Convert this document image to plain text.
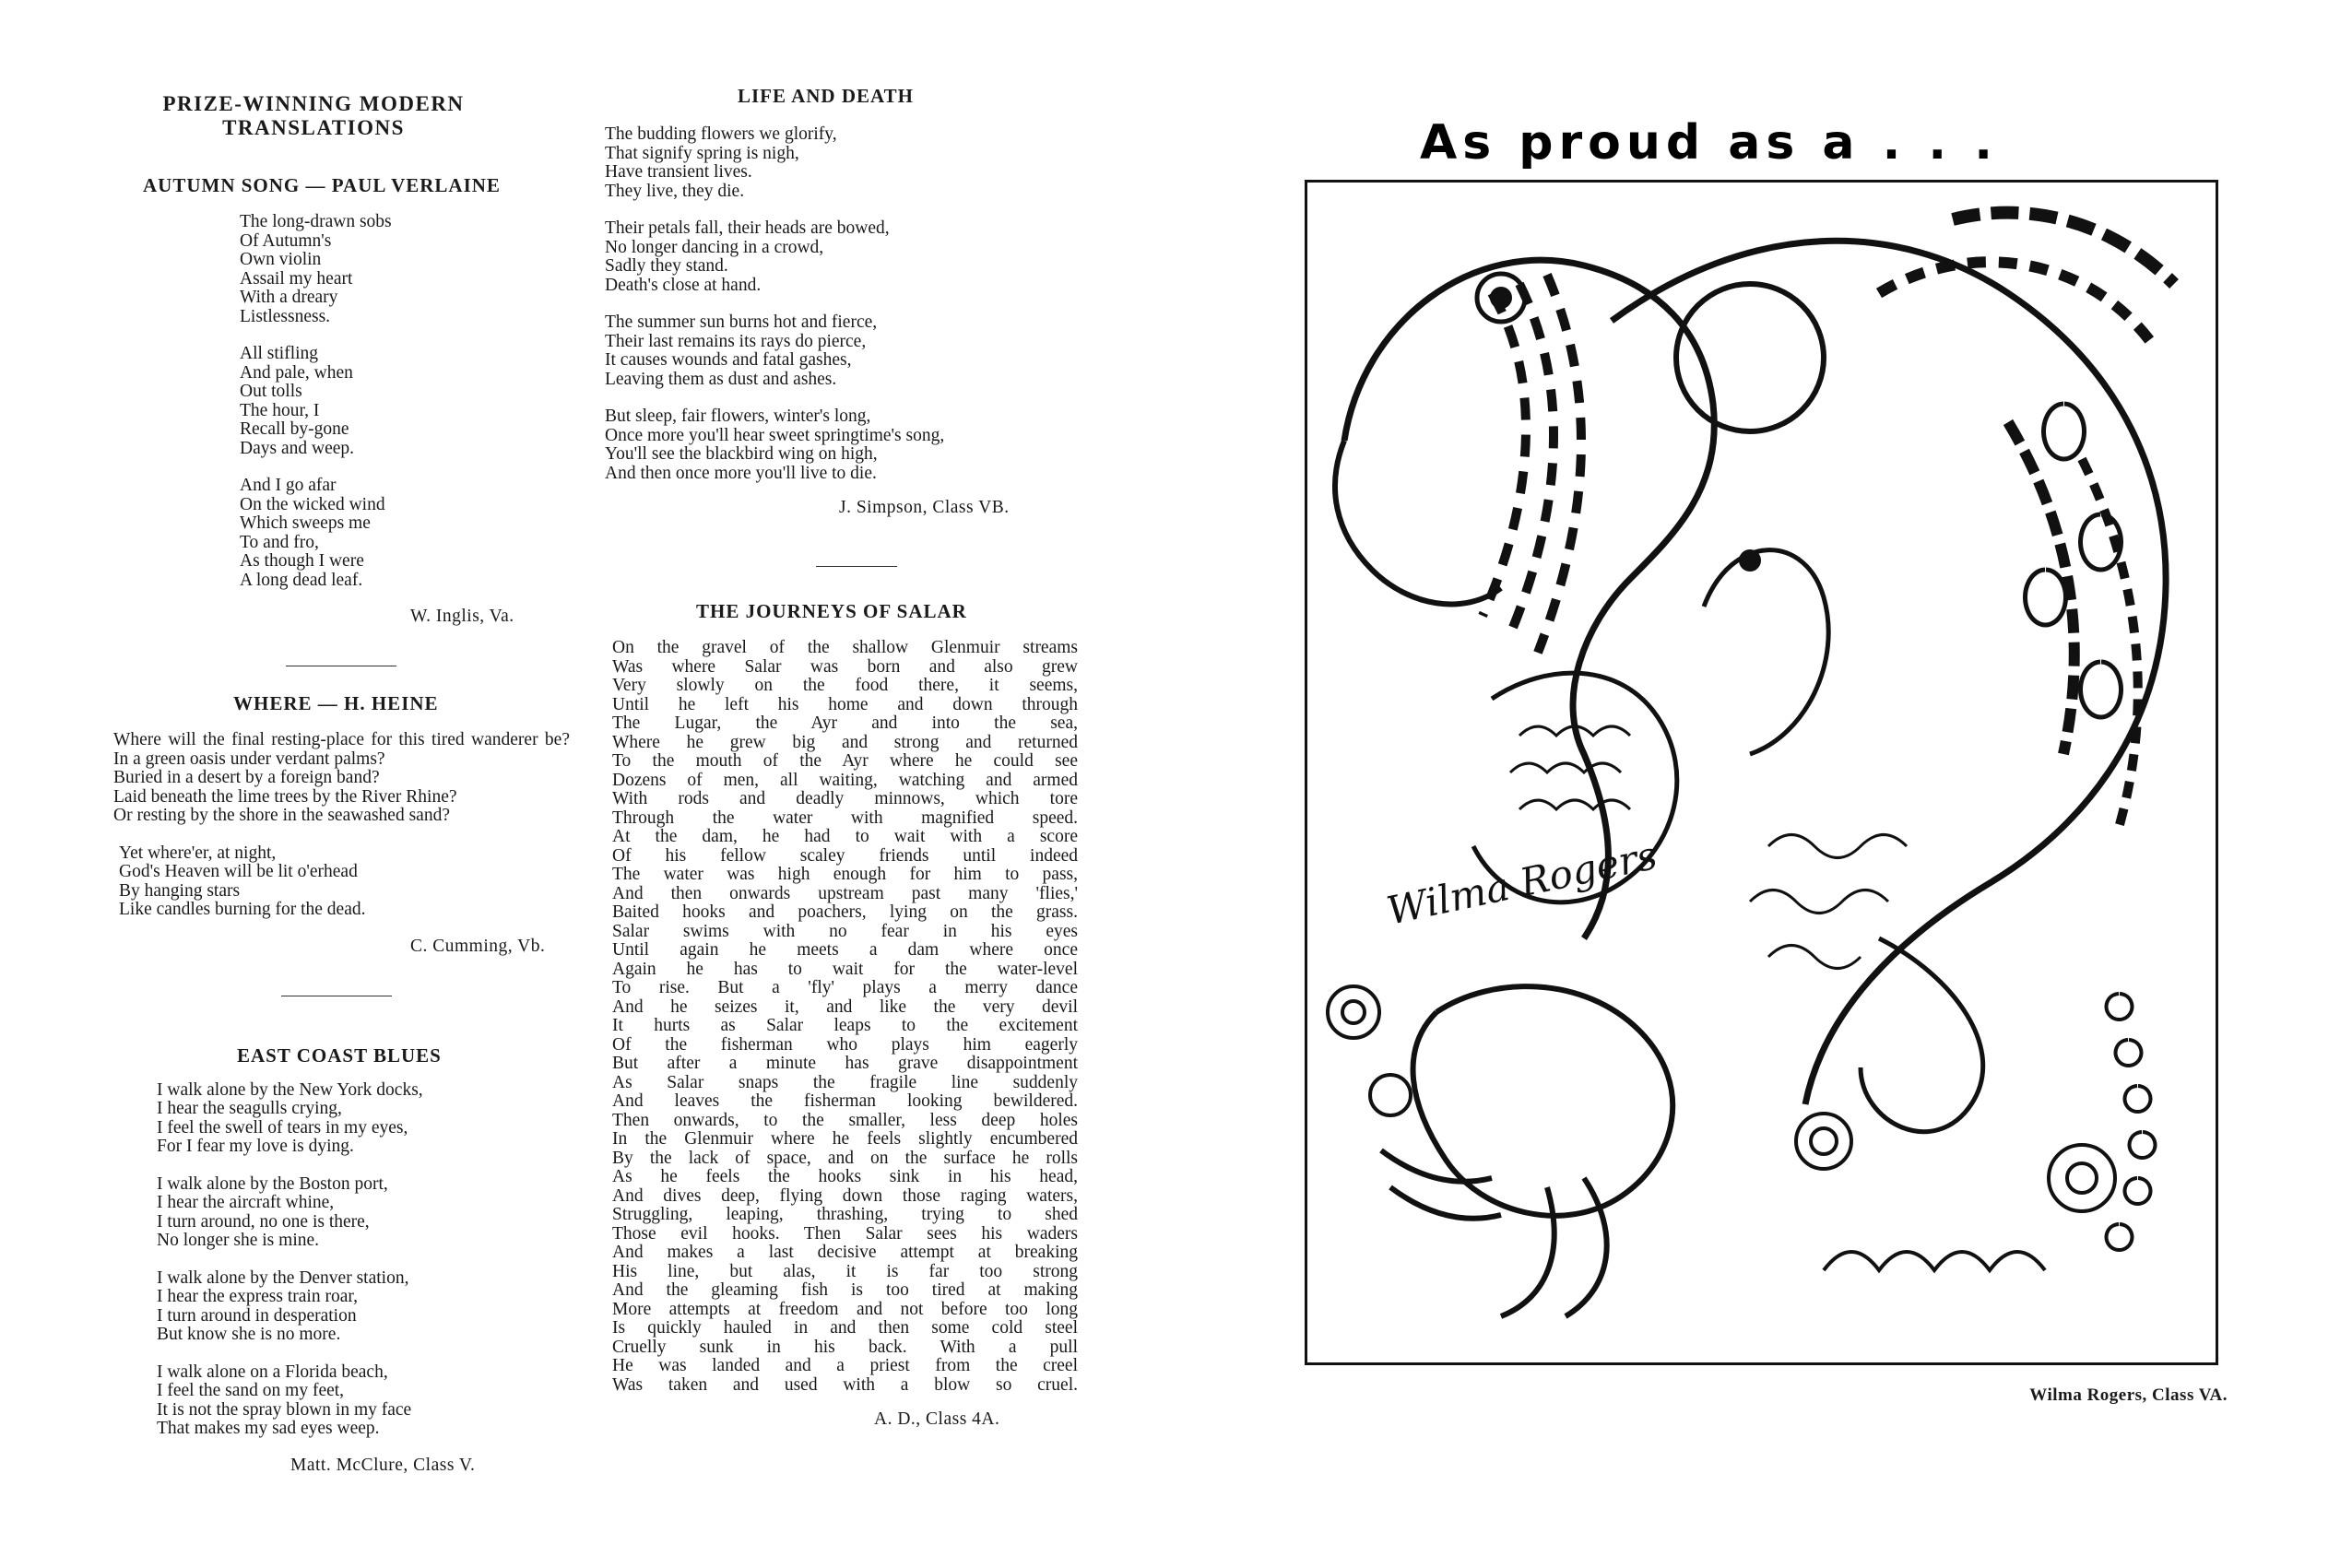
PRIZE-WINNING MODERN
TRANSLATIONS
AUTUMN SONG — PAUL VERLAINE
The long-drawn sobs
Of Autumn's
Own violin
Assail my heart
With a dreary
Listlessness.
All stifling
And pale, when
Out tolls
The hour, I
Recall by-gone
Days and weep.
And I go afar
On the wicked wind
Which sweeps me
To and fro,
As though I were
A long dead leaf.
W. Inglis, Va.
WHERE — H. HEINE
Where will the final resting-place for this tired wanderer be?
In a green oasis under verdant palms?
Buried in a desert by a foreign band?
Laid beneath the lime trees by the River Rhine?
Or resting by the shore in the seawashed sand?
Yet where'er, at night,
God's Heaven will be lit o'erhead
By hanging stars
Like candles burning for the dead.
C. Cumming, Vb.
EAST COAST BLUES
I walk alone by the New York docks,
I hear the seagulls crying,
I feel the swell of tears in my eyes,
For I fear my love is dying.
I walk alone by the Boston port,
I hear the aircraft whine,
I turn around, no one is there,
No longer she is mine.
I walk alone by the Denver station,
I hear the express train roar,
I turn around in desperation
But know she is no more.
I walk alone on a Florida beach,
I feel the sand on my feet,
It is not the spray blown in my face
That makes my sad eyes weep.
Matt. McClure, Class V.
LIFE AND DEATH
The budding flowers we glorify,
That signify spring is nigh,
Have transient lives.
They live, they die.
Their petals fall, their heads are bowed,
No longer dancing in a crowd,
Sadly they stand.
Death's close at hand.
The summer sun burns hot and fierce,
Their last remains its rays do pierce,
It causes wounds and fatal gashes,
Leaving them as dust and ashes.
But sleep, fair flowers, winter's long,
Once more you'll hear sweet springtime's song,
You'll see the blackbird wing on high,
And then once more you'll live to die.
J. Simpson, Class VB.
THE JOURNEYS OF SALAR
On the gravel of the shallow Glenmuir streams
Was where Salar was born and also grew
Very slowly on the food there, it seems,
Until he left his home and down through
The Lugar, the Ayr and into the sea,
Where he grew big and strong and returned
To the mouth of the Ayr where he could see
Dozens of men, all waiting, watching and armed
With rods and deadly minnows, which tore
Through the water with magnified speed.
At the dam, he had to wait with a score
Of his fellow scaley friends until indeed
The water was high enough for him to pass,
And then onwards upstream past many 'flies,'
Baited hooks and poachers, lying on the grass.
Salar swims with no fear in his eyes
Until again he meets a dam where once
Again he has to wait for the water-level
To rise. But a 'fly' plays a merry dance
And he seizes it, and like the very devil
It hurts as Salar leaps to the excitement
Of the fisherman who plays him eagerly
But after a minute has grave disappointment
As Salar snaps the fragile line suddenly
And leaves the fisherman looking bewildered.
Then onwards, to the smaller, less deep holes
In the Glenmuir where he feels slightly encumbered
By the lack of space, and on the surface he rolls
As he feels the hooks sink in his head,
And dives deep, flying down those raging waters,
Struggling, leaping, thrashing, trying to shed
Those evil hooks. Then Salar sees his waders
And makes a last decisive attempt at breaking
His line, but alas, it is far too strong
And the gleaming fish is too tired at making
More attempts at freedom and not before too long
Is quickly hauled in and then some cold steel
Cruelly sunk in his back. With a pull
He was landed and a priest from the creel
Was taken and used with a blow so cruel.
A. D., Class 4A.
As proud as a . . .
Wilma Rogers

Wilma Rogers, Class VA.
